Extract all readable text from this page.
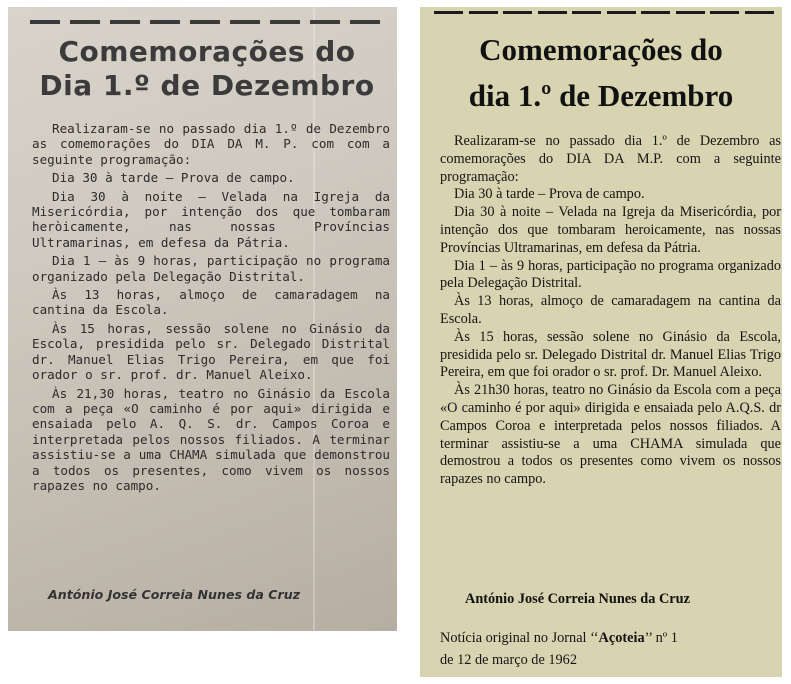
Comemorações do
Dia 1.º de Dezembro

Realizaram-se no passado dia 1.º de Dezembro as comemorações do DIA DA M. P. com com a seguinte programação:

Dia 30 à tarde — Prova de campo.

Dia 30 à noite — Velada na Igreja da Misericórdia, por intenção dos que tombaram heròicamente, nas nossas Províncias Ultramarinas, em defesa da Pátria.

Dia 1 — às 9 horas, participação no programa organizado pela Delegação Distrital.

Às 13 horas, almoço de camaradagem na cantina da Escola.

Às 15 horas, sessão solene no Ginásio da Escola, presidida pelo sr. Delegado Distrital dr. Manuel Elias Trigo Pereira, em que foi orador o sr. prof. dr. Manuel Aleixo.

Às 21,30 horas, teatro no Ginásio da Escola com a peça «O caminho é por aqui» dirigida e ensaiada pelo A. Q. S. dr. Campos Coroa e interpretada pelos nossos filiados. A terminar assistiu-se a uma CHAMA simulada que demonstrou a todos os presentes, como vivem os nossos rapazes no campo.

António José Correia Nunes da Cruz
Comemorações do
dia 1.º de Dezembro

Realizaram-se no passado dia 1.º de Dezembro as comemorações do DIA DA M.P. com a seguinte programação:

Dia 30 à tarde – Prova de campo.

Dia 30 à noite – Velada na Igreja da Misericórdia, por intenção dos que tombaram heroicamente, nas nossas Províncias Ultramarinas, em defesa da Pátria.

Dia 1 – às 9 horas, participação no programa organizado pela Delegação Distrital.

Às 13 horas, almoço de camaradagem na cantina da Escola.

Às 15 horas, sessão solene no Ginásio da Escola, presidida pelo sr. Delegado Distrital dr. Manuel Elias Trigo Pereira, em que foi orador o sr. prof. Dr. Manuel Aleixo.

Às 21h30 horas, teatro no Ginásio da Escola com a peça «O caminho é por aqui» dirigida e ensaiada pelo A.Q.S. dr Campos Coroa e interpretada pelos nossos filiados. A terminar assistiu-se a uma CHAMA simulada que demostrou a todos os presentes como vivem os nossos rapazes no campo.

António José Correia Nunes da Cruz
Notícia original no Jornal ‘‘Açoteia’’ nº 1
de 12 de março de 1962
